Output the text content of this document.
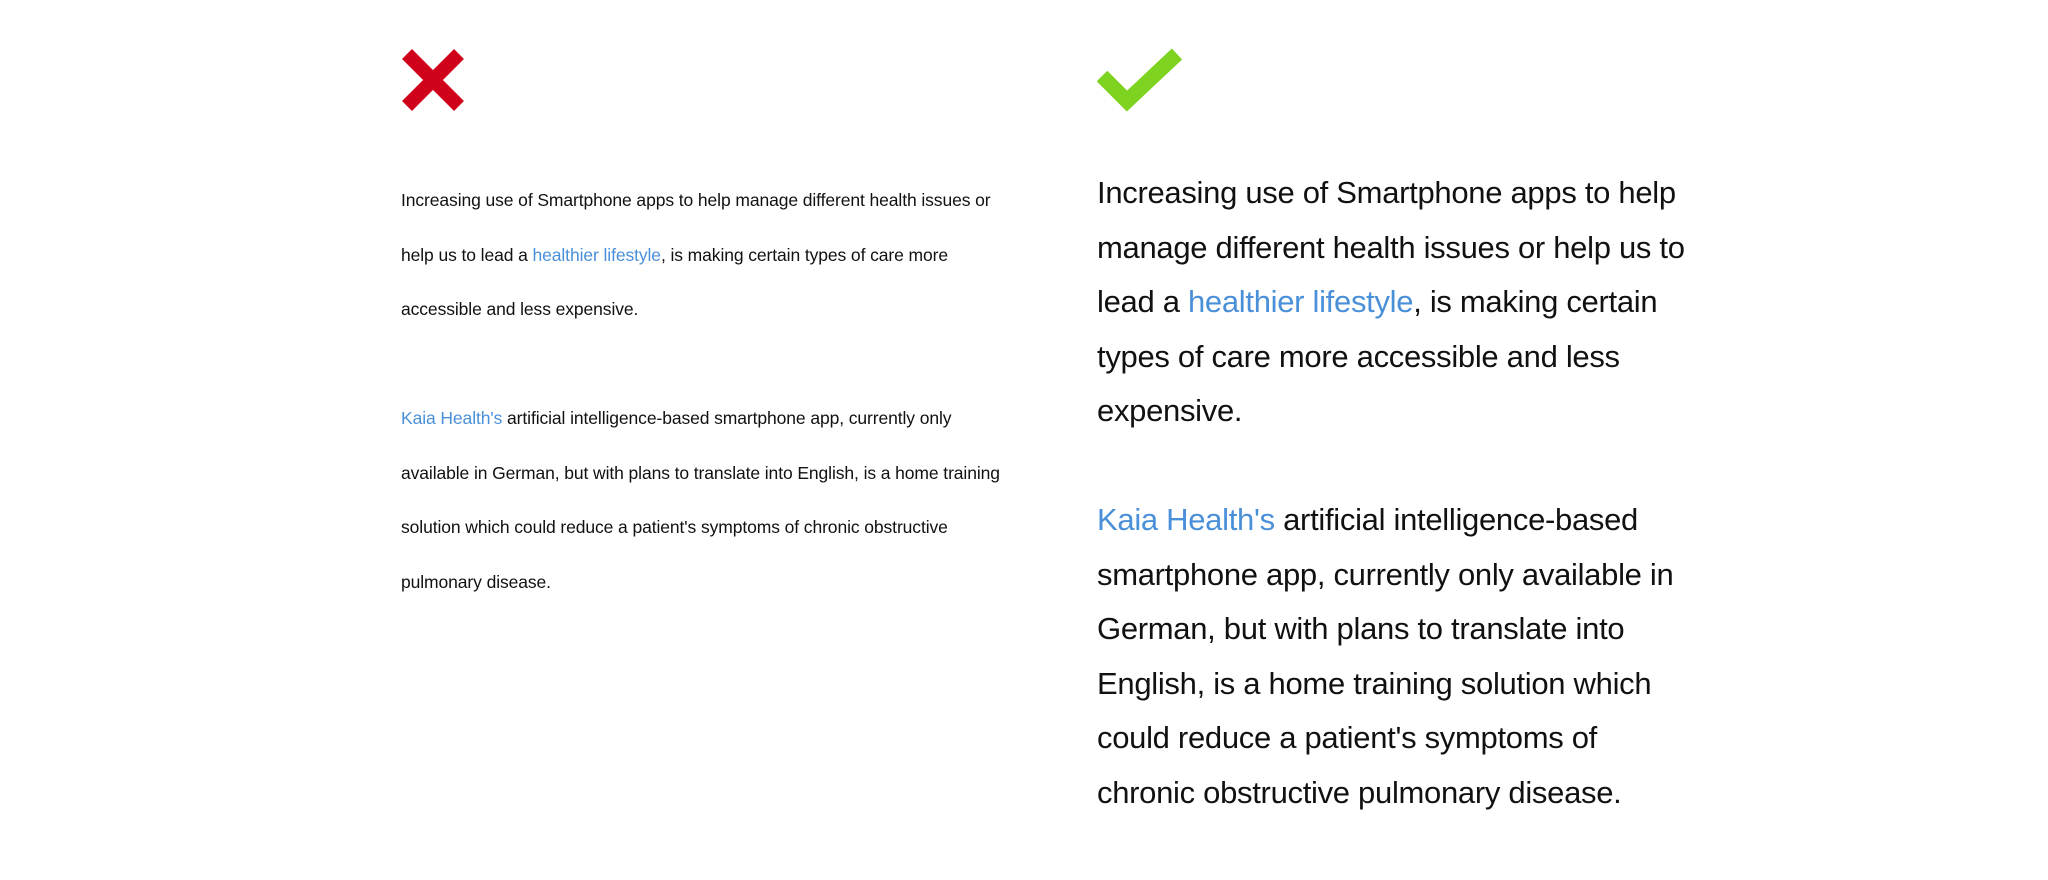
Increasing use of Smartphone apps to help manage different health issues or help us to lead a healthier lifestyle, is making certain types of care more accessible and less expensive.

Kaia Health's artificial intelligence-based smartphone app, currently only available in German, but with plans to translate into English, is a home training solution which could reduce a patient's symptoms of chronic obstructive pulmonary disease.

Increasing use of Smartphone apps to help manage different health issues or help us to lead a healthier lifestyle, is making certain types of care more accessible and less expensive.

Kaia Health's artificial intelligence-based smartphone app, currently only available in German, but with plans to translate into English, is a home training solution which could reduce a patient's symptoms of chronic obstructive pulmonary disease.
